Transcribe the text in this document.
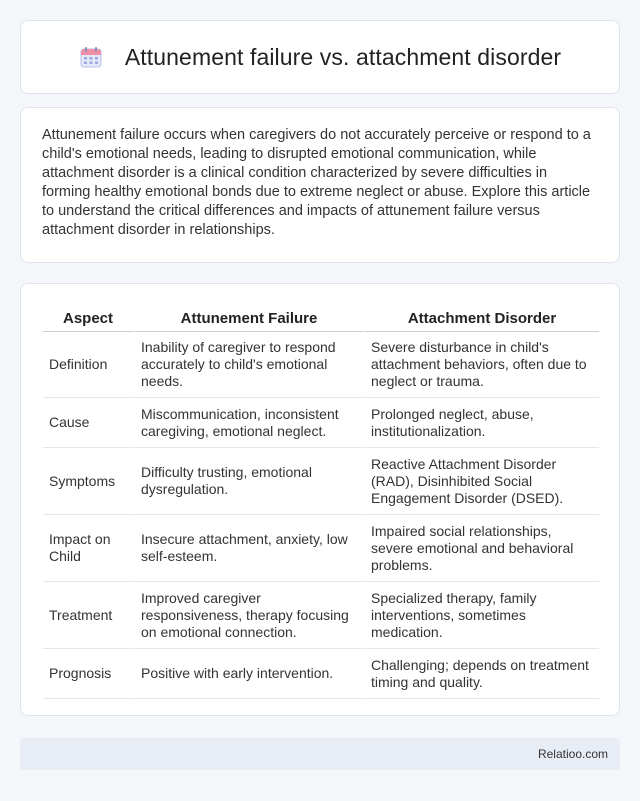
Attunement failure vs. attachment disorder

Attunement failure occurs when caregivers do not accurately perceive or respond to a child's emotional needs, leading to disrupted emotional communication, while attachment disorder is a clinical condition characterized by severe difficulties in forming healthy emotional bonds due to extreme neglect or abuse. Explore this article to understand the critical differences and impacts of attunement failure versus attachment disorder in relationships.

Aspect	Attunement Failure	Attachment Disorder
Definition	Inability of caregiver to respond accurately to child's emotional needs.	Severe disturbance in child's attachment behaviors, often due to neglect or trauma.
Cause	Miscommunication, inconsistent caregiving, emotional neglect.	Prolonged neglect, abuse, institutionalization.
Symptoms	Difficulty trusting, emotional dysregulation.	Reactive Attachment Disorder (RAD), Disinhibited Social Engagement Disorder (DSED).
Impact on Child	Insecure attachment, anxiety, low self-esteem.	Impaired social relationships, severe emotional and behavioral problems.
Treatment	Improved caregiver responsiveness, therapy focusing on emotional connection.	Specialized therapy, family interventions, sometimes medication.
Prognosis	Positive with early intervention.	Challenging; depends on treatment timing and quality.
Relatioo.com
